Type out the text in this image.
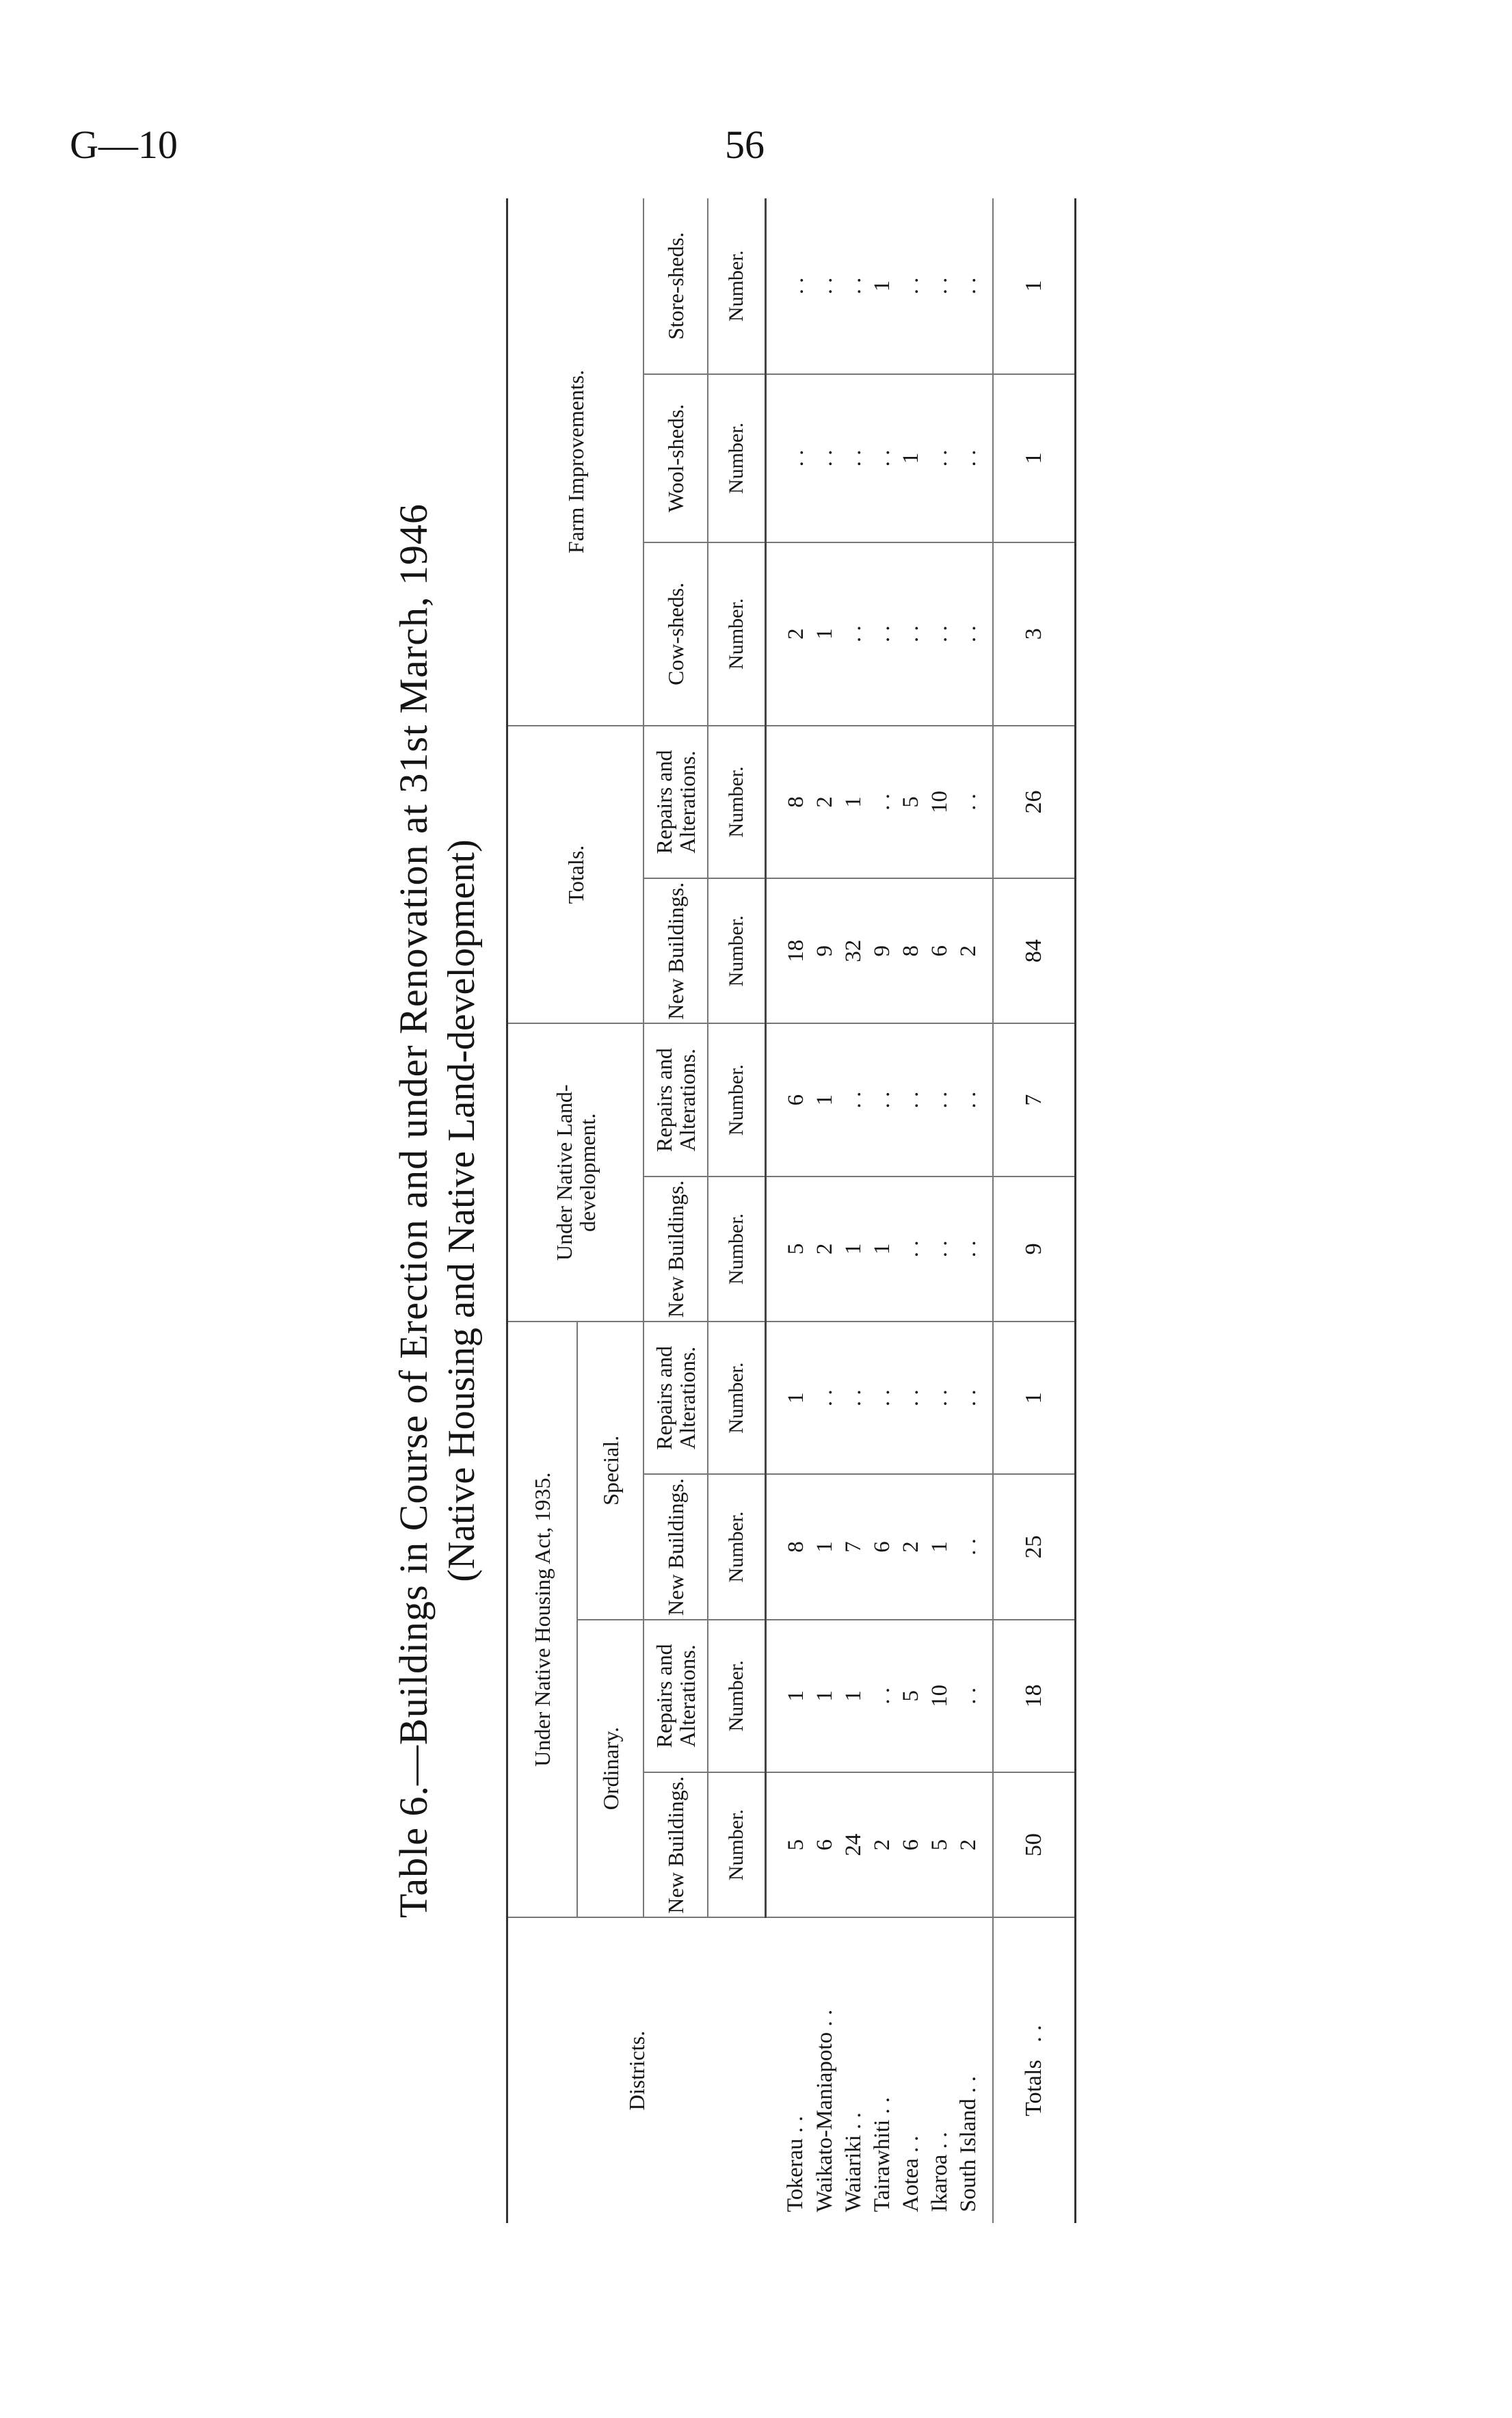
G—10	56
Table 6.—Buildings in Course of Erection and under Renovation at 31st March, 1946 (Native Housing and Native Land-development)
Districts.	Under Native Housing Act, 1935.				Under Native Land-development.		Totals.		Farm Improvements.		
	Ordinary.		Special.								
	New Buildings.	Repairs and Alterations.	New Buildings.	Repairs and Alterations.	New Buildings.	Repairs and Alterations.	New Buildings.	Repairs and Alterations.	Cow-sheds.	Wool-sheds.	Store-sheds.
	Number.	Number.	Number.	Number.	Number.	Number.	Number.	Number.	Number.	Number.	Number.
Tokerau . .	5	1	8	1	5	6	18	8	2	. .	. .
Waikato-Maniapoto . .	6	1	1	. .	2	1	9	2	1	. .	. .
Waiariki . .	24	1	7	. .	1	. .	32	1	. .	. .	. .
Tairawhiti . .	2	. .	6	. .	1	. .	9	. .	. .	. .	1
Aotea . .	6	5	2	. .	. .	. .	8	5	. .	1	. .
Ikaroa . .	5	10	1	. .	. .	. .	6	10	. .	. .	. .
South Island . .	2	. .	. .	. .	. .	. .	2	. .	. .	. .	. .
Totals   . .	50	18	25	1	9	7	84	26	3	1	1
